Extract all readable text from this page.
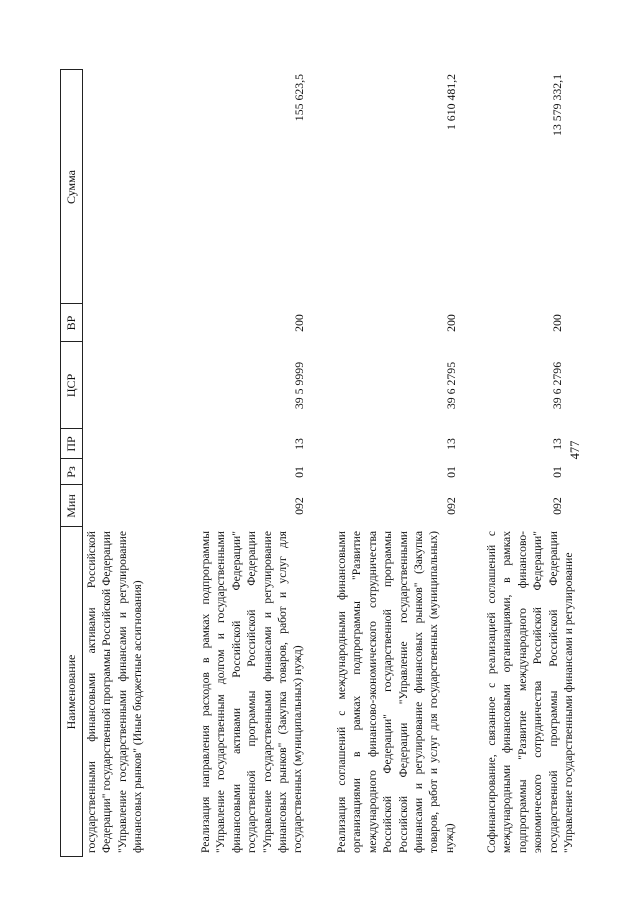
477
Наименование
Мин
Рз
ПР
ЦСР
ВР
Сумма
государственными финансовыми активами Российской Федерации" государственной программы Российской Федерации "Управление государственными финансами и регулирование финансовых рынков" (Иные бюджетные ассигнования)	Реализация направления расходов в рамках подпрограммы "Управление государственным долгом и государственными финансовыми активами Российской Федерации" государственной программы Российской Федерации "Управление государственными финансами и регулирование финансовых рынков" (Закупка товаров, работ и услуг для государственных (муниципальных) нужд)
092
01
13
39 5 9999
200
155 623,5
Реализация соглашений с международными финансовыми организациями в рамках подпрограммы "Развитие международного финансово-экономического сотрудничества Российской Федерации" государственной программы Российской Федерации "Управление государственными финансами и регулирование финансовых рынков" (Закупка товаров, работ и услуг для государственных (муниципальных) нужд)
092
01
13
39 6 2795
200
1 610 481,2
Софинансирование, связанное с реализацией соглашений с международными финансовыми организациями, в рамках подпрограммы "Развитие международного финансово-экономического сотрудничества Российской Федерации" государственной программы Российской Федерации "Управление государственными финансами и регулирование
092
01
13
39 6 2796
200
13 579 332,1
